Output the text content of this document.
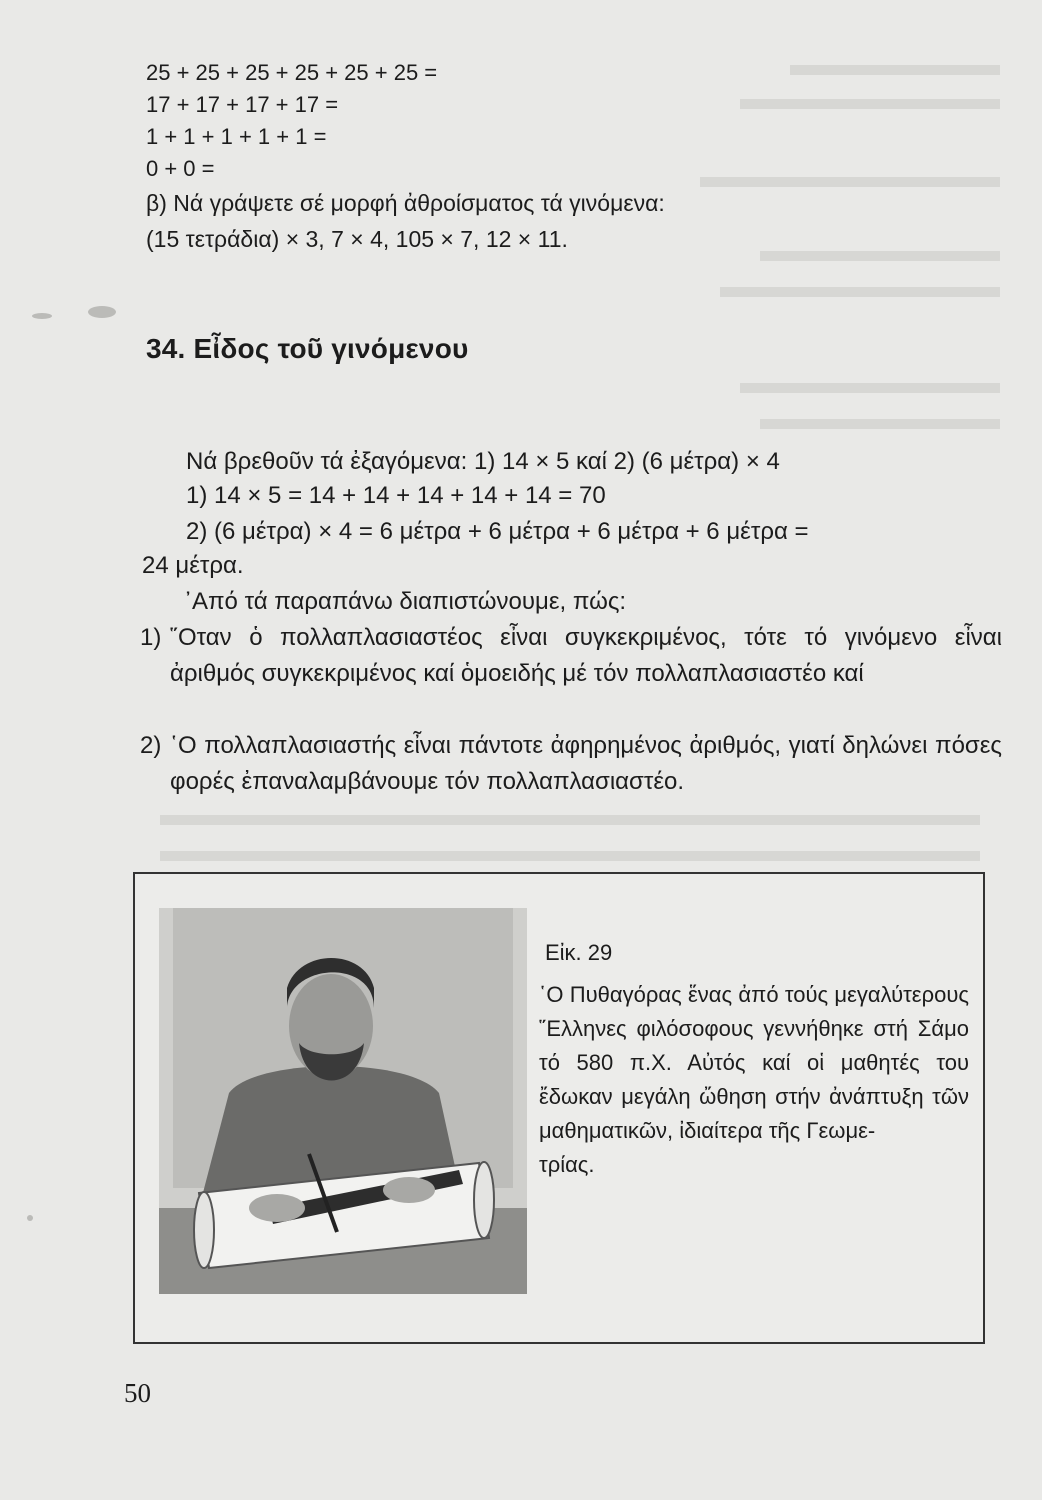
25 + 25 + 25 + 25 + 25 + 25 =
17 + 17 + 17 + 17 =
1 + 1 + 1 + 1 + 1 =
0 + 0 =
β) Νά γράψετε σέ μορφή ἀθροίσματος τά γινόμενα:
(15 τετράδια) × 3, 7 × 4, 105 × 7, 12 × 11.
34. Εἶδος τοῦ γινόμενου
Νά βρεθοῦν τά ἐξαγόμενα: 1) 14 × 5 καί 2) (6 μέτρα) × 4
1) 14 × 5 = 14 + 14 + 14 + 14 + 14 = 70
2) (6 μέτρα) × 4 = 6 μέτρα + 6 μέτρα + 6 μέτρα + 6 μέτρα =
24 μέτρα.
᾿Από τά παραπάνω διαπιστώνουμε, πώς:
1) ῞Οταν ὁ πολλαπλασιαστέος εἶναι συγκεκριμένος, τότε τό γινόμενο εἶναι ἀριθμός συγκεκριμένος καί ὁμοειδής μέ τόν πολλαπλασιαστέο καί
2) ῾Ο πολλαπλασιαστής εἶναι πάντοτε ἀφηρημένος ἀριθμός, γιατί δηλώνει πόσες φορές ἐπαναλαμβάνουμε τόν πολλαπλασιαστέο.
Εἰκ. 29
῾Ο Πυθαγόρας ἕνας ἀπό τούς μεγαλύτερους ῞Ελληνες φιλόσοφους γεννήθηκε στή Σάμο τό 580 π.Χ. Αὐτός καί οἱ μαθητές του ἔδωκαν μεγάλη ὤθηση στήν ἀνάπτυξη τῶν μαθηματικῶν, ἰδιαίτερα τῆς Γεωμε-
τρίας.
50
